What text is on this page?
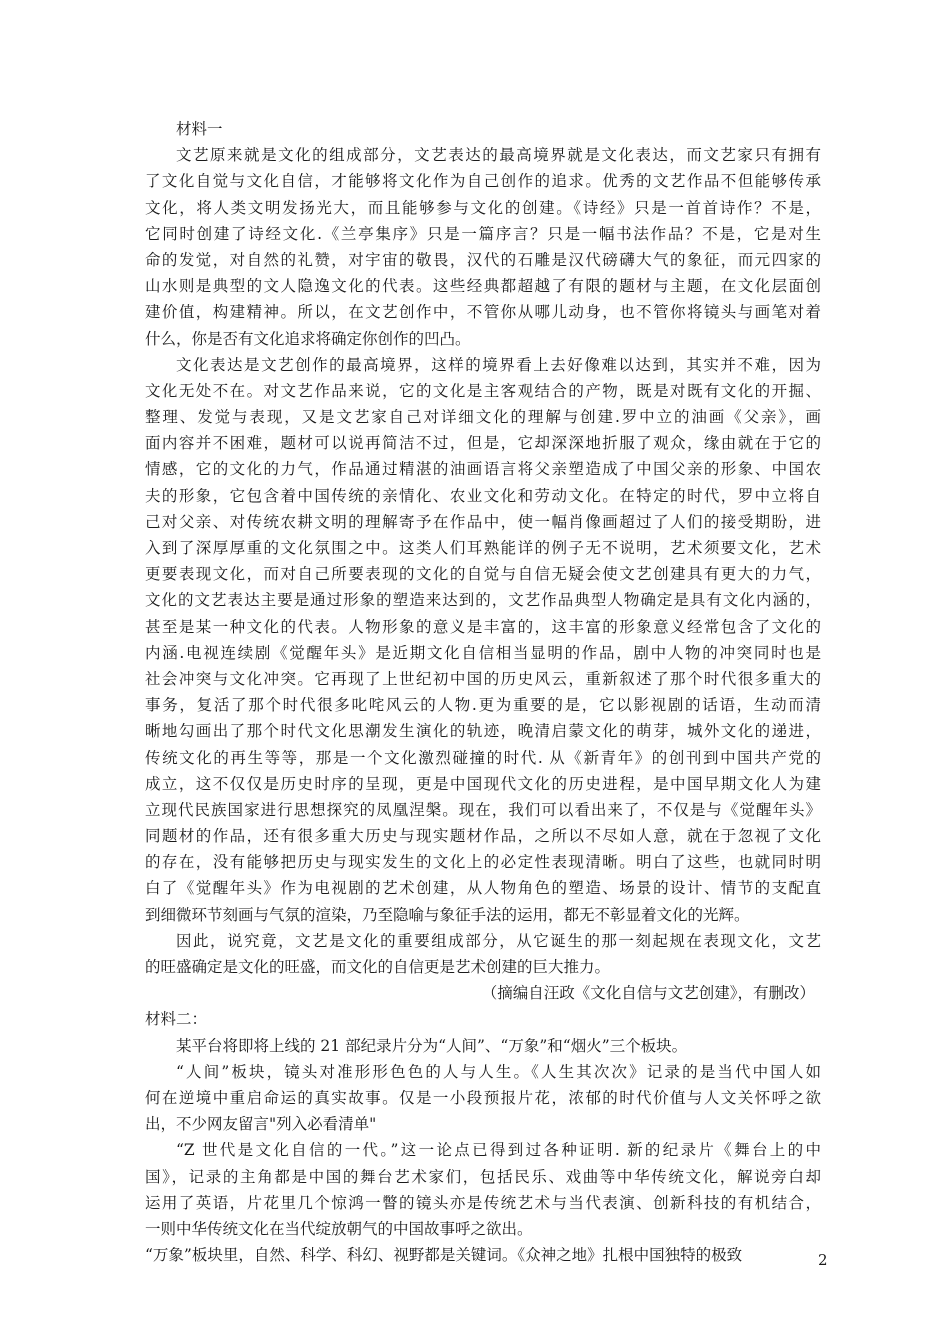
材料一
文艺原来就是文化的组成部分，文艺表达的最高境界就是文化表达，而文艺家只有拥有
了文化自觉与文化自信，才能够将文化作为自己创作的追求。优秀的文艺作品不但能够传承
文化，将人类文明发扬光大，而且能够参与文化的创建。《诗经》只是一首首诗作？不是，
它同时创建了诗经文化.《兰亭集序》只是一篇序言？只是一幅书法作品？不是，它是对生
命的发觉，对自然的礼赞，对宇宙的敬畏，汉代的石雕是汉代磅礴大气的象征，而元四家的
山水则是典型的文人隐逸文化的代表。这些经典都超越了有限的题材与主题，在文化层面创
建价值，构建精神。所以，在文艺创作中，不管你从哪儿动身，也不管你将镜头与画笔对着
什么，你是否有文化追求将确定你创作的凹凸。
文化表达是文艺创作的最高境界，这样的境界看上去好像难以达到，其实并不难，因为
文化无处不在。对文艺作品来说，它的文化是主客观结合的产物，既是对既有文化的开掘、
整理、发觉与表现，又是文艺家自己对详细文化的理解与创建.罗中立的油画《父亲》，画
面内容并不困难，题材可以说再简洁不过，但是，它却深深地折服了观众，缘由就在于它的
情感，它的文化的力气，作品通过精湛的油画语言将父亲塑造成了中国父亲的形象、中国农
夫的形象，它包含着中国传统的亲情化、农业文化和劳动文化。在特定的时代，罗中立将自
己对父亲、对传统农耕文明的理解寄予在作品中，使一幅肖像画超过了人们的接受期盼，进
入到了深厚厚重的文化氛围之中。这类人们耳熟能详的例子无不说明，艺术须要文化，艺术
更要表现文化，而对自己所要表现的文化的自觉与自信无疑会使文艺创建具有更大的力气，
文化的文艺表达主要是通过形象的塑造来达到的，文艺作品典型人物确定是具有文化内涵的，
甚至是某一种文化的代表。人物形象的意义是丰富的，这丰富的形象意义经常包含了文化的
内涵.电视连续剧《觉醒年头》是近期文化自信相当显明的作品，剧中人物的冲突同时也是
社会冲突与文化冲突。它再现了上世纪初中国的历史风云，重新叙述了那个时代很多重大的
事务，复活了那个时代很多叱咤风云的人物.更为重要的是，它以影视剧的话语，生动而清
晰地勾画出了那个时代文化思潮发生演化的轨迹，晚清启蒙文化的萌芽，城外文化的递进，
传统文化的再生等等，那是一个文化激烈碰撞的时代. 从《新青年》的创刊到中国共产党的
成立，这不仅仅是历史时序的呈现，更是中国现代文化的历史进程，是中国早期文化人为建
立现代民族国家进行思想探究的凤凰涅槃。现在，我们可以看出来了，不仅是与《觉醒年头》
同题材的作品，还有很多重大历史与现实题材作品，之所以不尽如人意，就在于忽视了文化
的存在，没有能够把历史与现实发生的文化上的必定性表现清晰。明白了这些，也就同时明
白了《觉醒年头》作为电视剧的艺术创建，从人物角色的塑造、场景的设计、情节的支配直
到细微环节刻画与气氛的渲染，乃至隐喻与象征手法的运用，都无不彰显着文化的光辉。
因此，说究竟，文艺是文化的重要组成部分，从它诞生的那一刻起规在表现文化，文艺
的旺盛确定是文化的旺盛，而文化的自信更是艺术创建的巨大推力。
（摘编自汪政《文化自信与文艺创建》，有删改）
材料二：
某平台将即将上线的 21 部纪录片分为“人间”、“万象”和“烟火”三个板块。
“人间”板块，镜头对准形形色色的人与人生。《人生其次次》记录的是当代中国人如
何在逆境中重启命运的真实故事。仅是一小段预报片花，浓郁的时代价值与人文关怀呼之欲
出，不少网友留言"列入必看清单"
“Z 世代是文化自信的一代。”这一论点已得到过各种证明. 新的纪录片《舞台上的中
国》，记录的主角都是中国的舞台艺术家们，包括民乐、戏曲等中华传统文化，解说旁白却
运用了英语，片花里几个惊鸿一瞥的镜头亦是传统艺术与当代表演、创新科技的有机结合，
一则中华传统文化在当代绽放朝气的中国故事呼之欲出。
“万象”板块里，自然、科学、科幻、视野都是关键词。《众神之地》扎根中国独特的极致	2
